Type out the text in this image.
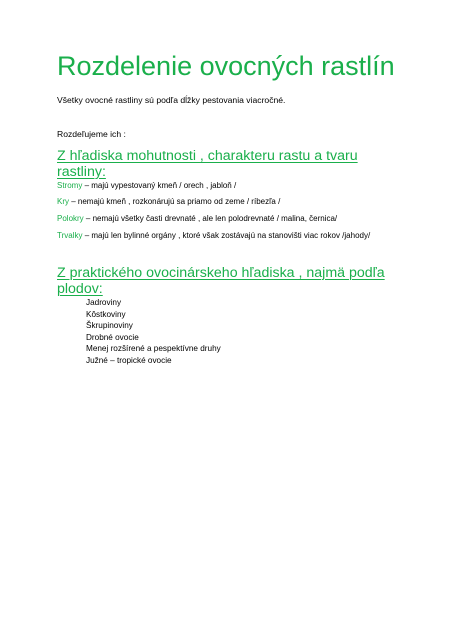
Rozdelenie ovocných rastlín
Všetky ovocné rastliny sú podľa dĺžky pestovania viacročné.
Rozdeľujeme ich :
Z hľadiska mohutnosti , charakteru rastu a tvaru rastliny:
Stromy – majú vypestovaný kmeň / orech , jabloň /
Kry – nemajú kmeň , rozkonárujú sa priamo od zeme / ríbezľa /
Polokry – nemajú všetky časti drevnaté , ale len polodrevnaté / malina, černica/
Trvalky – majú len bylinné orgány , ktoré však zostávajú na stanovišti viac rokov /jahody/
Z praktického ovocinárskeho hľadiska , najmä podľa plodov:
Jadroviny
Kôstkoviny
Škrupinoviny
Drobné ovocie
Menej rozšírené a pespektívne druhy
Južné – tropické ovocie
